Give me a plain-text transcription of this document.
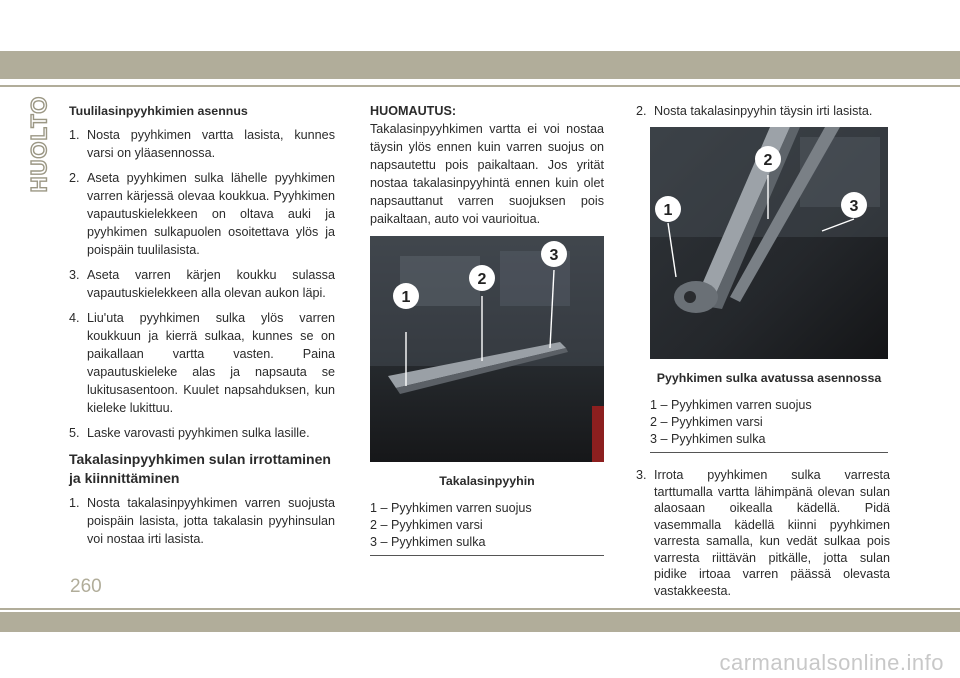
HUOLTO Tuulilasinpyyhkimien asennus
1. Nosta pyyhkimen vartta lasista, kunnes varsi on yläasennossa.
2. Aseta pyyhkimen sulka lähelle pyyhkimen varren kärjessä olevaa koukkua. Pyyhkimen vapautuskielekkeen on oltava auki ja pyyhkimen sulkapuolen osoitettava ylös ja poispäin tuulilasista.
3. Aseta varren kärjen koukku sulassa vapautuskielekkeen alla olevan aukon läpi.
4. Liu'uta pyyhkimen sulka ylös varren koukkuun ja kierrä sulkaa, kunnes se on paikallaan vartta vasten. Paina vapautuskieleke alas ja napsauta se lukitusasentoon. Kuulet napsahduksen, kun kieleke lukittuu.
5. Laske varovasti pyyhkimen sulka lasille.
Takalasinpyyhkimen sulan irrottaminen ja kiinnittäminen
1. Nosta takalasinpyyhkimen varren suojusta poispäin lasista, jotta takalasin pyyhinsulan voi nostaa irti lasista.
HUOMAUTUS:
Takalasinpyyhkimen vartta ei voi nostaa täysin ylös ennen kuin varren suojus on napsautettu pois paikaltaan. Jos yrität nostaa takalasinpyyhintä ennen kuin olet napsauttanut varren suojuksen pois paikaltaan, auto voi vaurioitua.
1
2
3
Takalasinpyyhin
1 – Pyyhkimen varren suojus
2 – Pyyhkimen varsi
3 – Pyyhkimen sulka
2. Nosta takalasinpyyhin täysin irti lasista.
1
2
3
Pyyhkimen sulka avatussa asennossa
1 – Pyyhkimen varren suojus
2 – Pyyhkimen varsi
3 – Pyyhkimen sulka
3. Irrota pyyhkimen sulka varresta tarttumalla vartta lähimpänä olevan sulan alaosaan oikealla kädellä. Pidä vasemmalla kädellä kiinni pyyhkimen varresta samalla, kun vedät sulkaa pois varresta riittävän pitkälle, jotta sulan pidike irtoaa varren päässä olevasta vastakkeesta.
260
carmanualsonline.info
